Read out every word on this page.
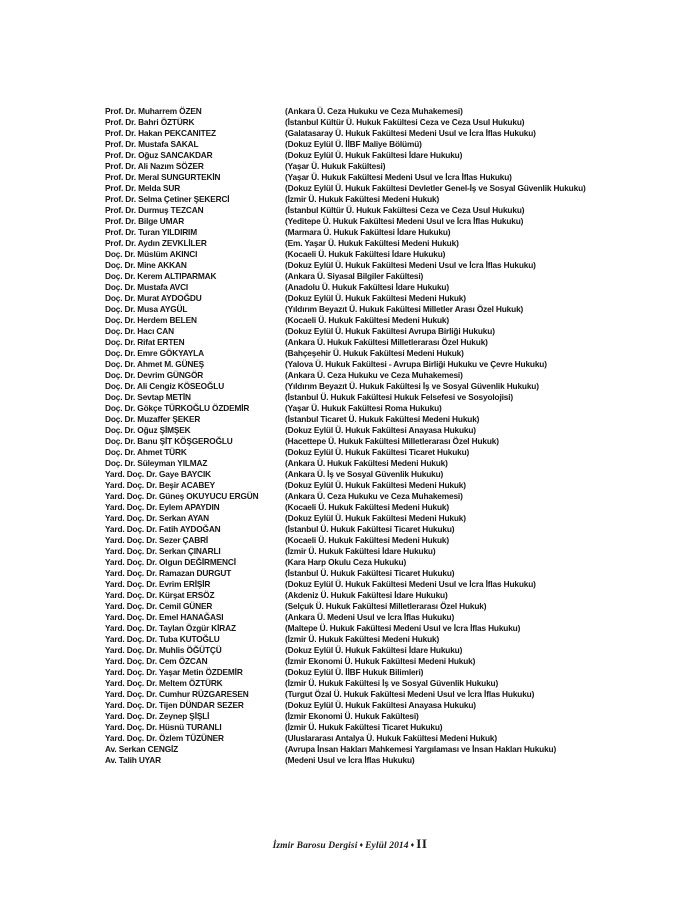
Prof. Dr. Muharrem ÖZEN	(Ankara Ü. Ceza Hukuku ve Ceza Muhakemesi)
Prof. Dr. Bahri ÖZTÜRK	(İstanbul Kültür Ü. Hukuk Fakültesi Ceza ve Ceza Usul Hukuku)
Prof. Dr. Hakan PEKCANITEZ	(Galatasaray Ü. Hukuk Fakültesi Medeni Usul ve İcra İflas Hukuku)
Prof. Dr. Mustafa SAKAL	(Dokuz Eylül Ü. İİBF Maliye Bölümü)
Prof. Dr. Oğuz SANCAKDAR	(Dokuz Eylül Ü. Hukuk Fakültesi İdare Hukuku)
Prof. Dr. Ali Nazım SÖZER	(Yaşar Ü. Hukuk Fakültesi)
Prof. Dr. Meral SUNGURTEKİN	(Yaşar Ü. Hukuk Fakültesi Medeni Usul ve İcra İflas Hukuku)
Prof. Dr. Melda SUR	(Dokuz Eylül Ü. Hukuk Fakültesi Devletler Genel-İş ve Sosyal Güvenlik Hukuku)
Prof. Dr. Selma Çetiner ŞEKERCİ	(İzmir Ü. Hukuk Fakültesi Medeni Hukuk)
Prof. Dr. Durmuş TEZCAN	(İstanbul Kültür Ü. Hukuk Fakültesi Ceza ve Ceza Usul Hukuku)
Prof. Dr. Bilge UMAR	(Yeditepe Ü. Hukuk Fakültesi Medeni Usul ve İcra İflas Hukuku)
Prof. Dr. Turan YILDIRIM	(Marmara Ü. Hukuk Fakültesi İdare Hukuku)
Prof. Dr. Aydın ZEVKLİLER	(Em. Yaşar Ü. Hukuk Fakültesi Medeni Hukuk)
Doç. Dr. Müslüm AKINCI	(Kocaeli Ü. Hukuk Fakültesi İdare Hukuku)
Doç. Dr. Mine AKKAN	(Dokuz Eylül Ü. Hukuk Fakültesi Medeni Usul ve İcra İflas Hukuku)
Doç. Dr. Kerem ALTIPARMAK	(Ankara Ü. Siyasal Bilgiler Fakültesi)
Doç. Dr. Mustafa AVCI	(Anadolu Ü. Hukuk Fakültesi İdare Hukuku)
Doç. Dr. Murat AYDOĞDU	(Dokuz Eylül Ü. Hukuk Fakültesi Medeni Hukuk)
Doç. Dr. Musa AYGÜL	(Yıldırım Beyazıt Ü. Hukuk Fakültesi Milletler Arası Özel Hukuk)
Doç. Dr. Herdem BELEN	(Kocaeli Ü. Hukuk Fakültesi Medeni Hukuk)
Doç. Dr. Hacı CAN	(Dokuz Eylül Ü. Hukuk Fakültesi Avrupa Birliği Hukuku)
Doç. Dr. Rifat ERTEN	(Ankara Ü. Hukuk Fakültesi Milletlerarası Özel Hukuk)
Doç. Dr. Emre GÖKYAYLA	(Bahçeşehir Ü. Hukuk Fakültesi Medeni Hukuk)
Doç. Dr. Ahmet M. GÜNEŞ	(Yalova Ü. Hukuk Fakültesi - Avrupa Birliği Hukuku ve Çevre Hukuku)
Doç. Dr. Devrim GÜNGÖR	(Ankara Ü. Ceza Hukuku ve Ceza Muhakemesi)
Doç. Dr. Ali Cengiz KÖSEOĞLU	(Yıldırım Beyazıt Ü. Hukuk Fakültesi İş ve Sosyal Güvenlik Hukuku)
Doç. Dr. Sevtap METİN	(İstanbul Ü. Hukuk Fakültesi Hukuk Felsefesi ve Sosyolojisi)
Doç. Dr. Gökçe TÜRKOĞLU ÖZDEMİR	(Yaşar Ü. Hukuk Fakültesi Roma Hukuku)
Doç. Dr. Muzaffer ŞEKER	(İstanbul Ticaret Ü. Hukuk Fakültesi Medeni Hukuk)
Doç. Dr. Oğuz ŞİMŞEK	(Dokuz Eylül Ü. Hukuk Fakültesi Anayasa Hukuku)
Doç. Dr. Banu ŞİT KÖŞGEROĞLU	(Hacettepe Ü. Hukuk Fakültesi Milletlerarası Özel Hukuk)
Doç. Dr. Ahmet TÜRK	(Dokuz Eylül Ü. Hukuk Fakültesi Ticaret Hukuku)
Doç. Dr. Süleyman YILMAZ	(Ankara Ü. Hukuk Fakültesi Medeni Hukuk)
Yard. Doç. Dr. Gaye BAYCIK	(Ankara Ü. İş ve Sosyal Güvenlik Hukuku)
Yard. Doç. Dr. Beşir ACABEY	(Dokuz Eylül Ü. Hukuk Fakültesi Medeni Hukuk)
Yard. Doç. Dr. Güneş OKUYUCU ERGÜN	(Ankara Ü. Ceza Hukuku ve Ceza Muhakemesi)
Yard. Doç. Dr. Eylem APAYDIN	(Kocaeli Ü. Hukuk Fakültesi Medeni Hukuk)
Yard. Doç. Dr. Serkan AYAN	(Dokuz Eylül Ü. Hukuk Fakültesi Medeni Hukuk)
Yard. Doç. Dr. Fatih AYDOĞAN	(İstanbul Ü. Hukuk Fakültesi Ticaret Hukuku)
Yard. Doç. Dr. Sezer ÇABRİ	(Kocaeli Ü. Hukuk Fakültesi Medeni Hukuk)
Yard. Doç. Dr. Serkan ÇINARLI	(İzmir Ü. Hukuk Fakültesi İdare Hukuku)
Yard. Doç. Dr. Olgun DEĞİRMENCİ	(Kara Harp Okulu Ceza Hukuku)
Yard. Doç. Dr. Ramazan DURGUT	(İstanbul Ü. Hukuk Fakültesi Ticaret Hukuku)
Yard. Doç. Dr. Evrim ERİŞİR	(Dokuz Eylül Ü. Hukuk Fakültesi Medeni Usul ve İcra İflas Hukuku)
Yard. Doç. Dr. Kürşat ERSÖZ	(Akdeniz Ü. Hukuk Fakültesi İdare Hukuku)
Yard. Doç. Dr. Cemil GÜNER	(Selçuk Ü. Hukuk Fakültesi Milletlerarası Özel Hukuk)
Yard. Doç. Dr. Emel HANAĞASI	(Ankara Ü. Medeni Usul ve İcra İflas Hukuku)
Yard. Doç. Dr. Taylan Özgür KİRAZ	(Maltepe Ü. Hukuk Fakültesi Medeni Usul ve İcra İflas Hukuku)
Yard. Doç. Dr. Tuba KUTOĞLU	(İzmir Ü. Hukuk Fakültesi Medeni Hukuk)
Yard. Doç. Dr. Muhlis ÖĞÜTÇÜ	(Dokuz Eylül Ü. Hukuk Fakültesi İdare Hukuku)
Yard. Doç. Dr. Cem ÖZCAN	(İzmir Ekonomi Ü. Hukuk Fakültesi Medeni Hukuk)
Yard. Doç. Dr. Yaşar Metin ÖZDEMİR	(Dokuz Eylül Ü. İİBF Hukuk Bilimleri)
Yard. Doç. Dr. Meltem ÖZTÜRK	(İzmir Ü. Hukuk Fakültesi İş ve Sosyal Güvenlik Hukuku)
Yard. Doç. Dr. Cumhur RÜZGARESEN	(Turgut Özal Ü. Hukuk Fakültesi Medeni Usul ve İcra İflas Hukuku)
Yard. Doç. Dr. Tijen DÜNDAR SEZER	(Dokuz Eylül Ü. Hukuk Fakültesi Anayasa Hukuku)
Yard. Doç. Dr. Zeynep ŞİŞLİ	(İzmir Ekonomi Ü. Hukuk Fakültesi)
Yard. Doç. Dr. Hüsnü TURANLI	(İzmir Ü. Hukuk Fakültesi Ticaret Hukuku)
Yard. Doç. Dr. Özlem TÜZÜNER	(Uluslararası Antalya Ü. Hukuk Fakültesi Medeni Hukuk)
Av. Serkan CENGİZ	(Avrupa İnsan Hakları Mahkemesi Yargılaması ve İnsan Hakları Hukuku)
Av. Talih UYAR	(Medeni Usul ve İcra İflas Hukuku)
İzmir Barosu Dergisi ♦ Eylül 2014 ♦ II
